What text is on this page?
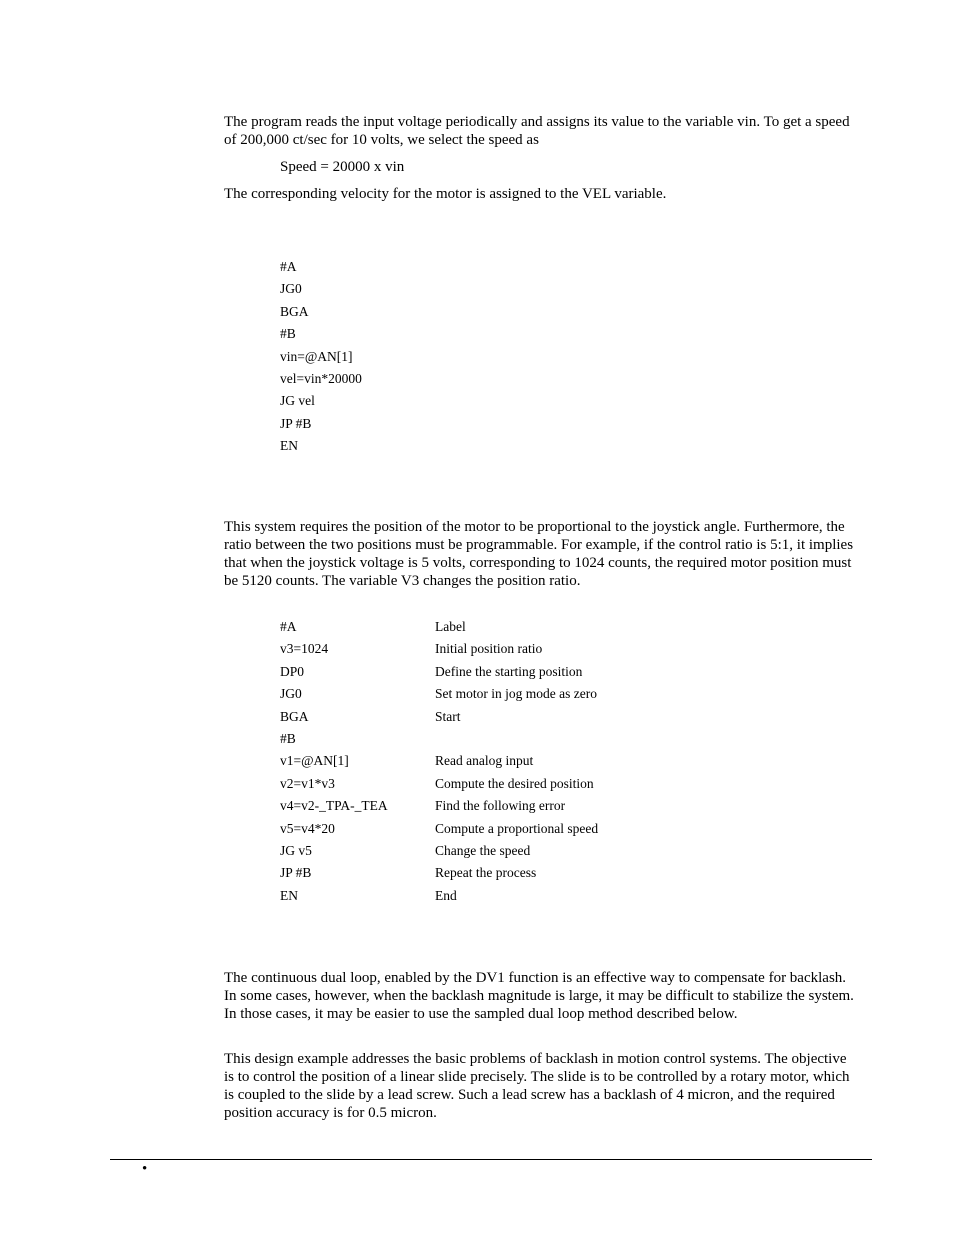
The program reads the input voltage periodically and assigns its value to the variable vin. To get a speed of 200,000 ct/sec for 10 volts, we select the speed as

Speed = 20000 x vin

The corresponding velocity for the motor is assigned to the VEL variable.

#A
JG0
BGA
#B
vin=@AN[1]
vel=vin*20000
JG vel
JP #B
EN

This system requires the position of the motor to be proportional to the joystick angle. Furthermore, the ratio between the two positions must be programmable. For example, if the control ratio is 5:1, it implies that when the joystick voltage is 5 volts, corresponding to 1024 counts, the required motor position must be 5120 counts. The variable V3 changes the position ratio.

#A	Label
v3=1024	Initial position ratio
DP0	Define the starting position
JG0	Set motor in jog mode as zero
BGA	Start
#B
v1=@AN[1]	Read analog input
v2=v1*v3	Compute the desired position
v4=v2-_TPA-_TEA	Find the following error
v5=v4*20	Compute a proportional speed
JG v5	Change the speed
JP #B	Repeat the process
EN	End

The continuous dual loop, enabled by the DV1 function is an effective way to compensate for backlash. In some cases, however, when the backlash magnitude is large, it may be difficult to stabilize the system. In those cases, it may be easier to use the sampled dual loop method described below.

This design example addresses the basic problems of backlash in motion control systems. The objective is to control the position of a linear slide precisely. The slide is to be controlled by a rotary motor, which is coupled to the slide by a lead screw. Such a lead screw has a backlash of 4 micron, and the required position accuracy is for 0.5 micron.

•
